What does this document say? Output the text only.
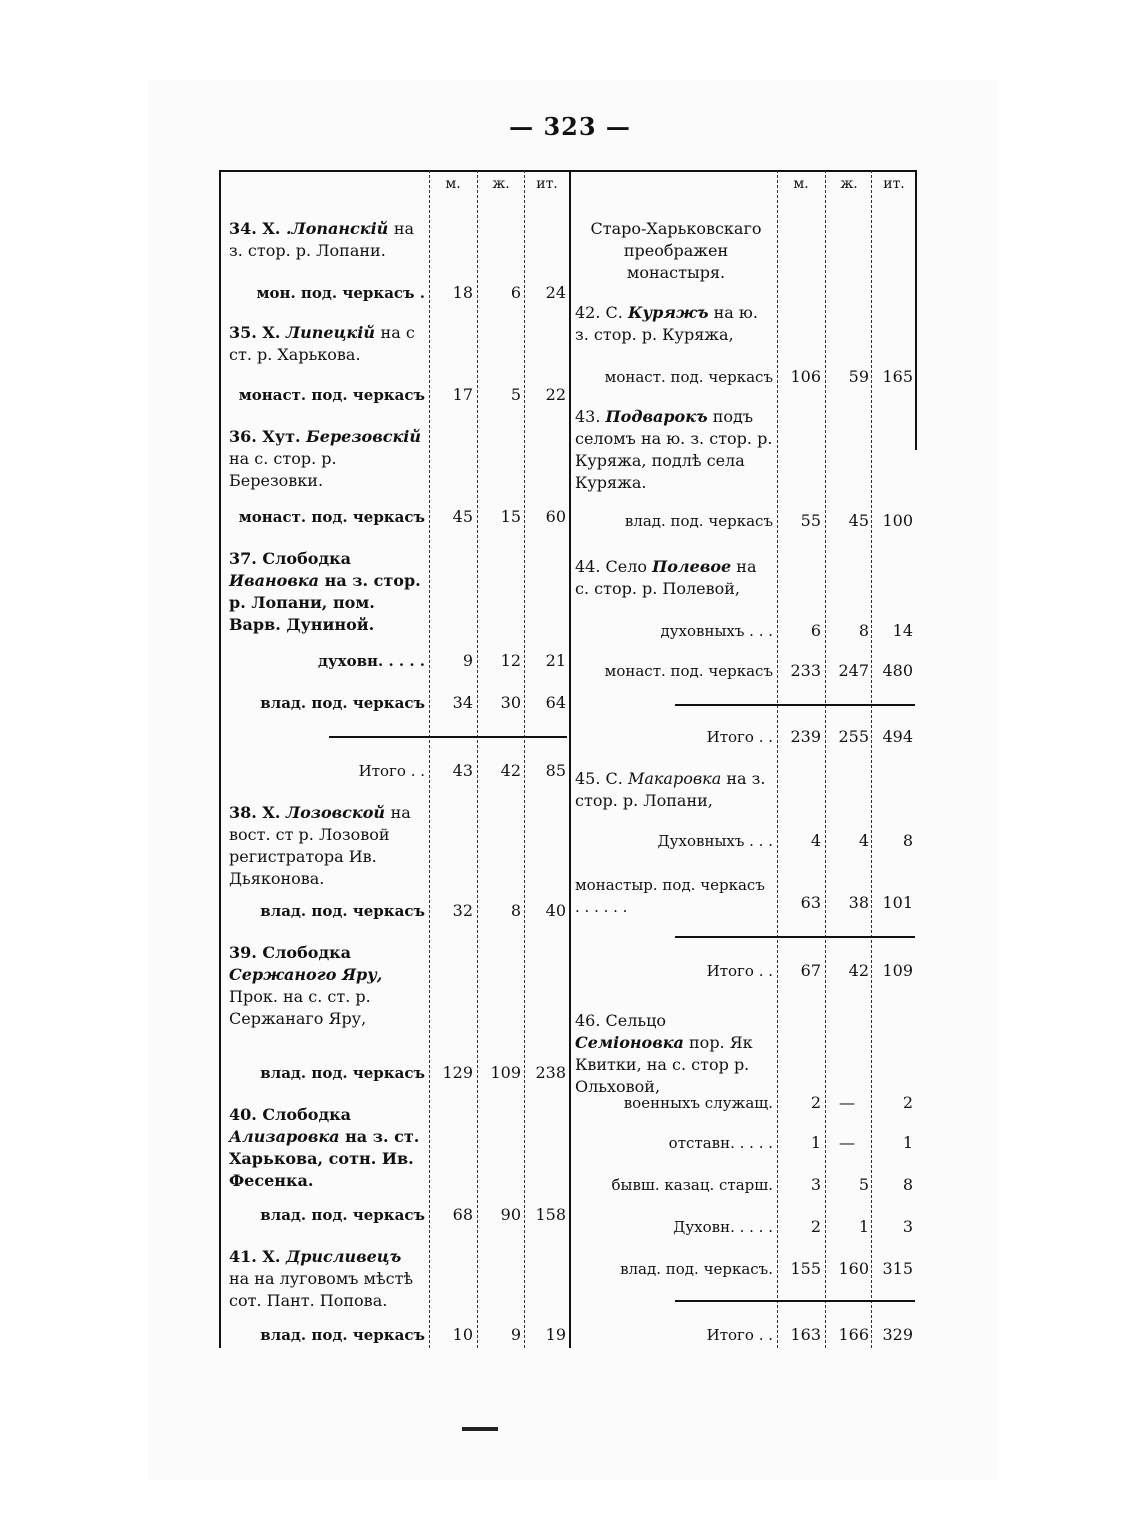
— 323 —
м.	ж.	ит.	м.	ж.	ит.
34. Х. .Лопанскій на з. стор. р. Лопани.
мон. под. черкасъ .	18	6	24
35. Х. Липецкій на с ст. р. Харькова.
монаст. под. черкасъ	17	5	22
36. Хут. Березовскій на с. стор. р. Березовки.
монаст. под. черкасъ	45	15	60
37. Слободка Ивановка на з. стор. р. Лопани, пом. Варв. Дуниной.
духовн. . . . .	9	12	21
влад. под. черкасъ	34	30	64
Итого . .	43	42	85
38. Х. Лозовской на вост. ст р. Лозовой регистратора Ив. Дьяконова.
влад. под. черкасъ	32	8	40
39. Слободка Сержаного Яру, Прок. на с. ст. р. Сержанаго Яру,
влад. под. черкасъ	129	109 238
40. Слободка Ализаровка на з. ст. Харькова, сотн. Ив. Фесенка.
влад. под. черкасъ	68	90 158
41. Х. Дрисливецъ на на луговомъ мѣстѣ сот. Пант. Попова.
влад. под. черкасъ	10	9	19
Старо-Харьковскаго преображен монастыря.
42. С. Куряжъ на ю. з. стор. р. Куряжа,
монаст. под. черкасъ	106	59 165
43. Подварокъ подъ селомъ на ю. з. стор. р. Куряжа, подлѣ села Куряжа.
влад. под. черкасъ	55	45 100
44. Село Полевое на с. стор. р. Полевой,
духовныхъ . . .	6	8	14
монаст. под. черкасъ	233	247 480
Итого . .	239	255 494
45. С. Макаровка на з. стор. р. Лопани,
Духовныхъ . . .	4	4	8
монастыр. под. черкасъ . . . . . .	63	38 101
Итого . .	67	42 109
46. Сельцо Семіоновка пор. Як Квитки, на с. стор р. Ольховой,
военныхъ служащ.	2	—	2
отставн. . . . .	1	—	1
бывш. казац. старш.	3	5	8
Духовн. . . . .	2	1	3
влад. под. черкасъ.	155	160 315
Итого . .	163	166 329
